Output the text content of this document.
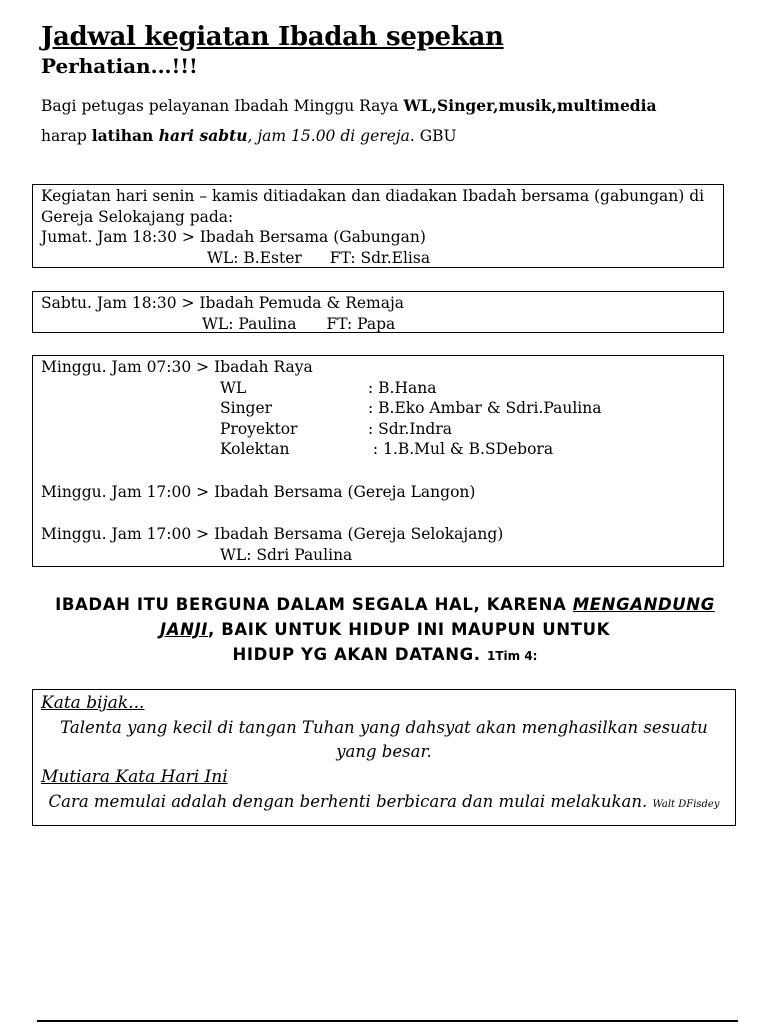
Jadwal kegiatan Ibadah sepekan
Perhatian...!!!
Bagi petugas pelayanan Ibadah Minggu Raya WL,Singer,musik,multimedia
harap latihan hari sabtu, jam 15.00 di gereja. GBU
Kegiatan hari senin – kamis ditiadakan dan diadakan Ibadah bersama (gabungan) di
Gereja Selokajang pada:
Jumat. Jam 18:30 > Ibadah Bersama (Gabungan)
WL: B.Ester FT: Sdr.Elisa
Sabtu. Jam 18:30 > Ibadah Pemuda & Remaja
WL: Paulina FT: Papa
Minggu. Jam 07:30 > Ibadah Raya
WL	: B.Hana
Singer	: B.Eko Ambar & Sdri.Paulina
Proyektor	: Sdr.Indra
Kolektan	: 1.B.Mul & B.SDebora
Minggu. Jam 17:00 > Ibadah Bersama (Gereja Langon)
Minggu. Jam 17:00 > Ibadah Bersama (Gereja Selokajang)
WL: Sdri Paulina
IBADAH ITU BERGUNA DALAM SEGALA HAL, KARENA MENGANDUNG
JANJI, BAIK UNTUK HIDUP INI MAUPUN UNTUK
HIDUP YG AKAN DATANG. 1Tim 4:
Kata bijak...
Talenta yang kecil di tangan Tuhan yang dahsyat akan menghasilkan sesuatu yang besar.
Mutiara Kata Hari Ini
Cara memulai adalah dengan berhenti berbicara dan mulai melakukan. Walt DFisdey
